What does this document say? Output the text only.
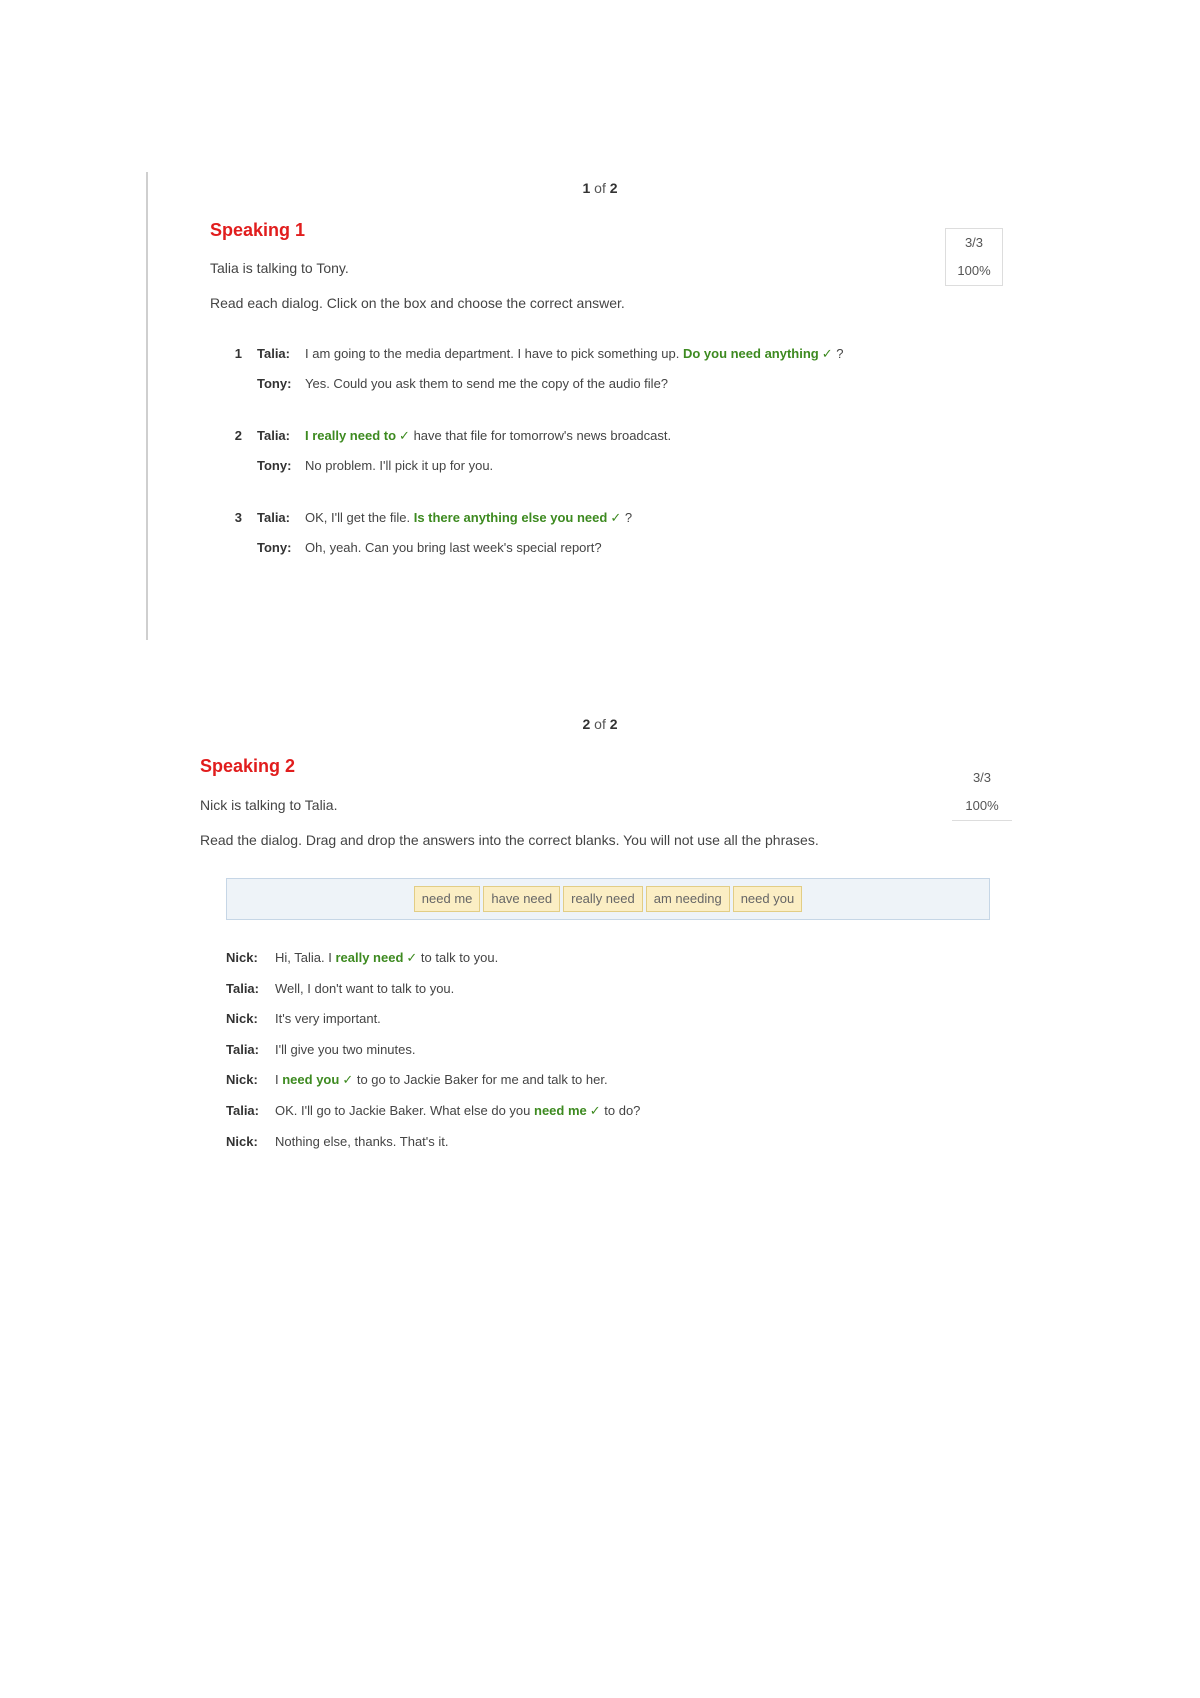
1 of 2
Speaking 1
3/3
100%
Talia is talking to Tony.
Read each dialog. Click on the box and choose the correct answer.
1 Talia: I am going to the media department. I have to pick something up. Do you need anything ✓ ?
Tony: Yes. Could you ask them to send me the copy of the audio file?
2 Talia: I really need to ✓ have that file for tomorrow's news broadcast.
Tony: No problem. I'll pick it up for you.
3 Talia: OK, I'll get the file. Is there anything else you need ✓ ?
Tony: Oh, yeah. Can you bring last week's special report?
2 of 2
Speaking 2
3/3
100%
Nick is talking to Talia.
Read the dialog. Drag and drop the answers into the correct blanks. You will not use all the phrases.
need me	have need	really need	am needing	need you
Nick: Hi, Talia. I really need ✓ to talk to you.
Talia: Well, I don't want to talk to you.
Nick: It's very important.
Talia: I'll give you two minutes.
Nick: I need you ✓ to go to Jackie Baker for me and talk to her.
Talia: OK. I'll go to Jackie Baker. What else do you need me ✓ to do?
Nick: Nothing else, thanks. That's it.
